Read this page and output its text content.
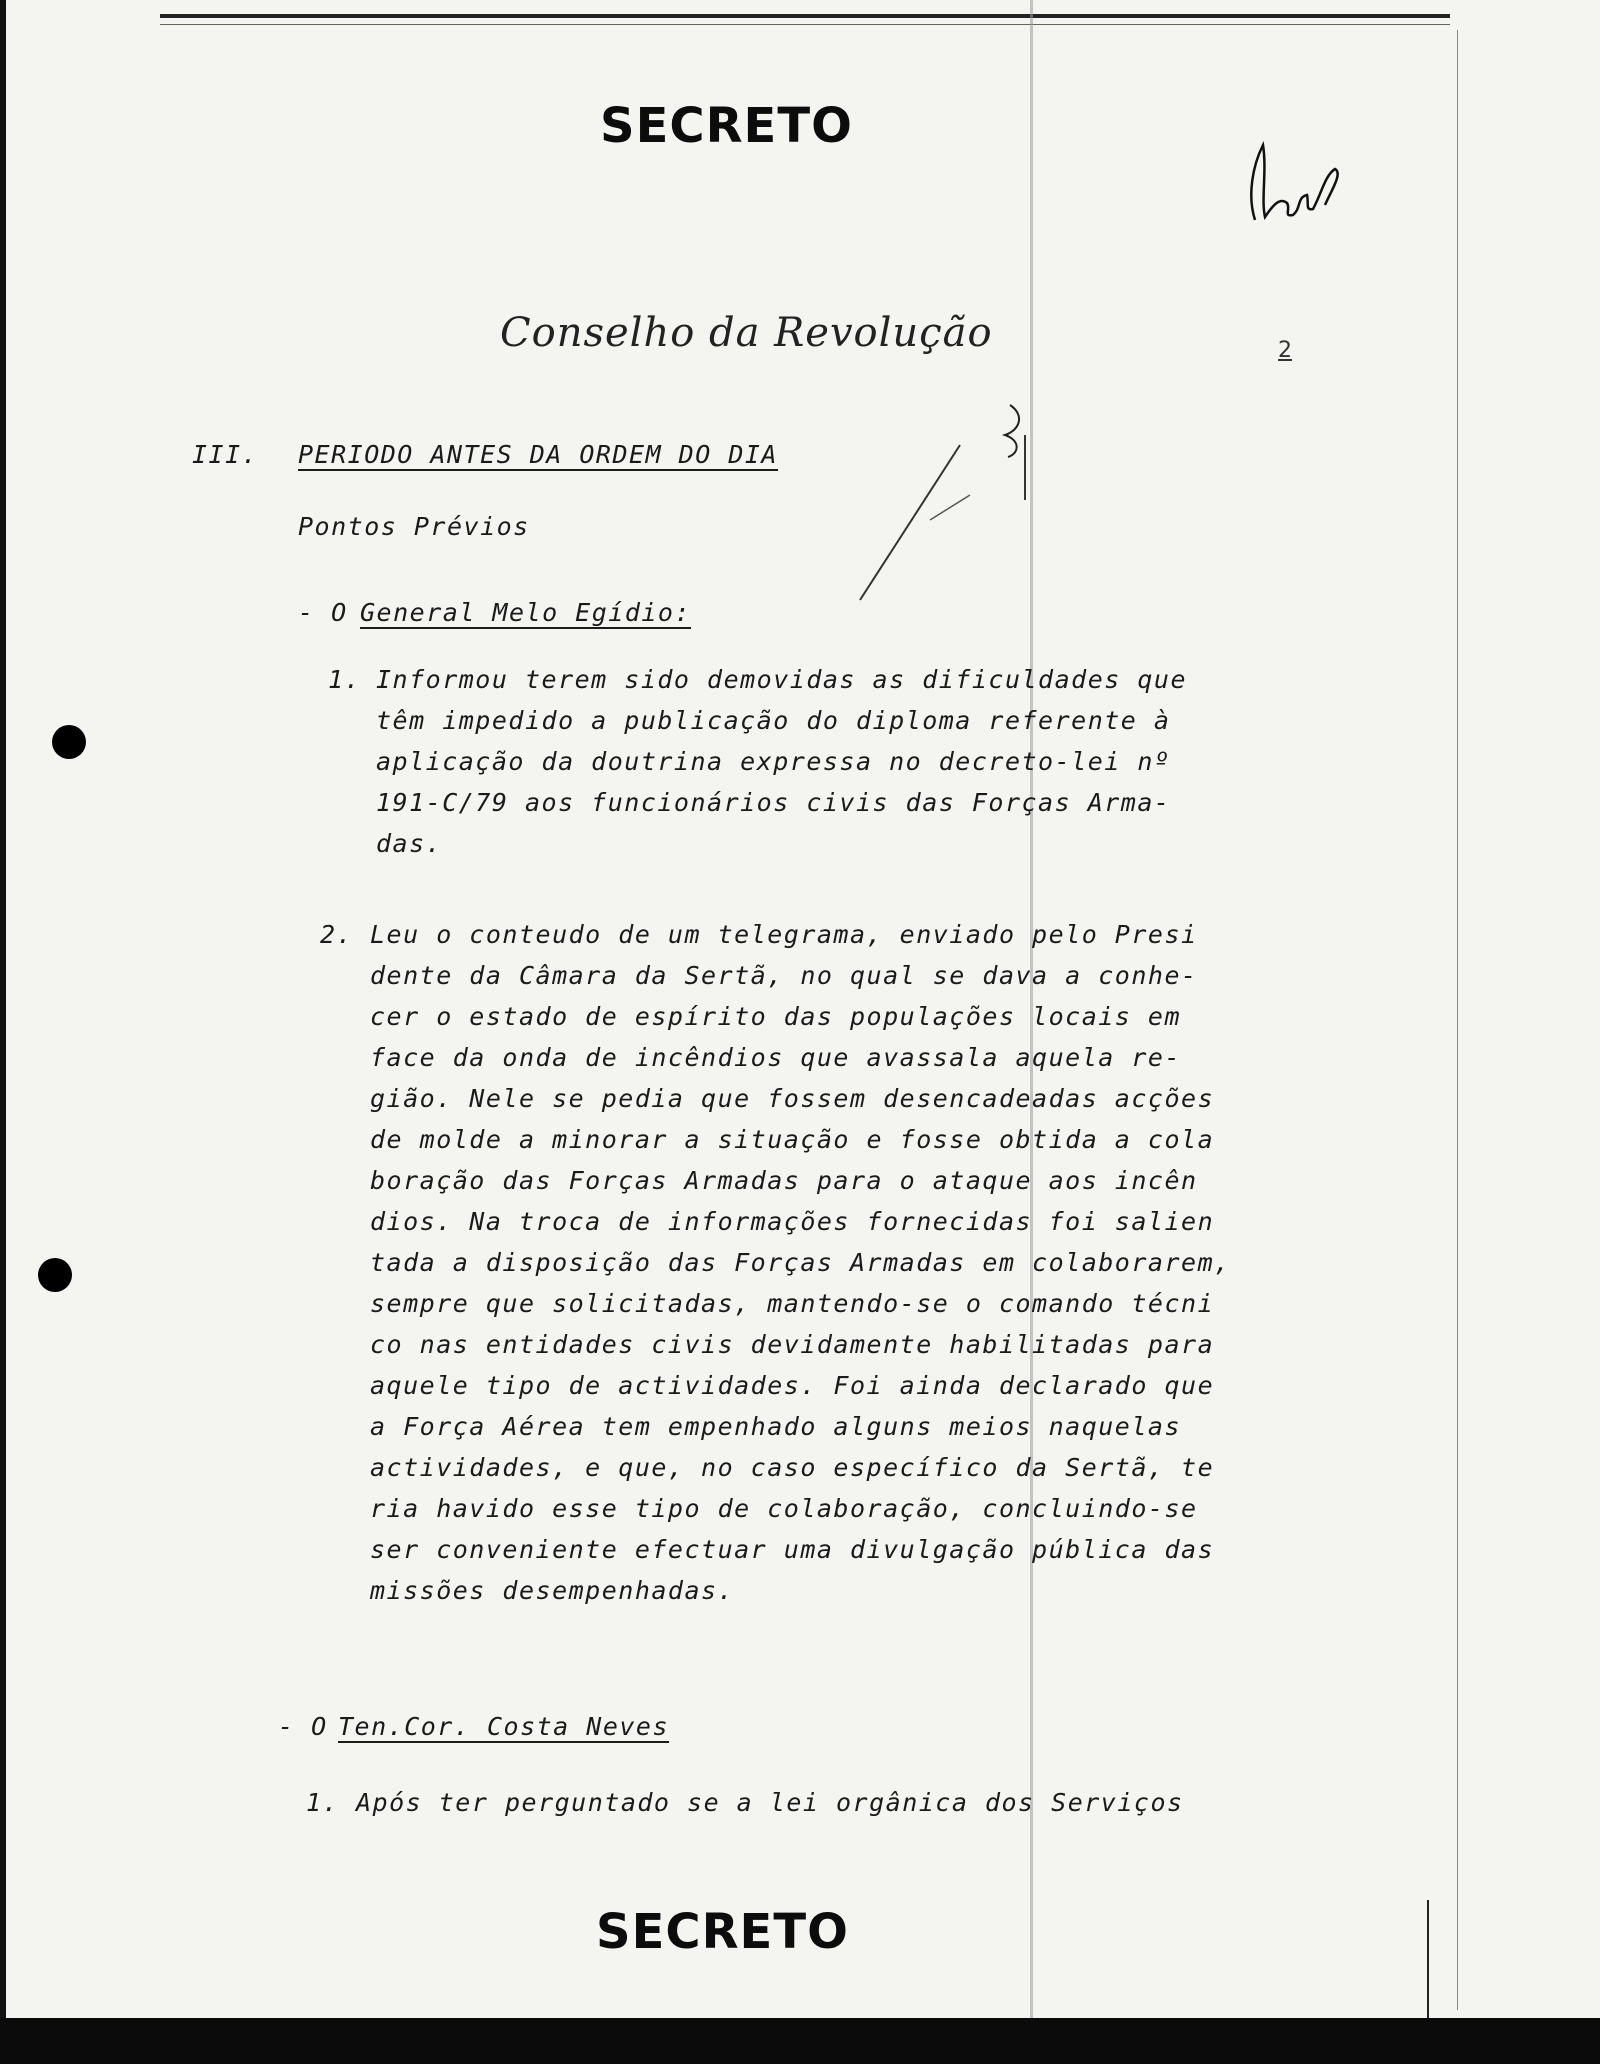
SECRETO
Conselho da Revolução	2
III. PERIODO ANTES DA ORDEM DO DIA
Pontos Prévios
- O General Melo Egídio:
1. Informou terem sido demovidas as dificuldades que
têm impedido a publicação do diploma referente à
aplicação da doutrina expressa no decreto-lei nº
191-C/79 aos funcionários civis das Forças Arma-
das.
2. Leu o conteudo de um telegrama, enviado pelo Presi
dente da Câmara da Sertã, no qual se dava a conhe-
cer o estado de espírito das populações locais em
face da onda de incêndios que avassala aquela re-
gião. Nele se pedia que fossem desencadeadas acções
de molde a minorar a situação e fosse obtida a cola
boração das Forças Armadas para o ataque aos incên
dios. Na troca de informações fornecidas foi salien
tada a disposição das Forças Armadas em colaborarem,
sempre que solicitadas, mantendo-se o comando técni
co nas entidades civis devidamente habilitadas para
aquele tipo de actividades. Foi ainda declarado que
a Força Aérea tem empenhado alguns meios naquelas
actividades, e que, no caso específico da Sertã, te
ria havido esse tipo de colaboração, concluindo-se
ser conveniente efectuar uma divulgação pública das
missões desempenhadas.
- O Ten.Cor. Costa Neves
1. Após ter perguntado se a lei orgânica dos Serviços
SECRETO
